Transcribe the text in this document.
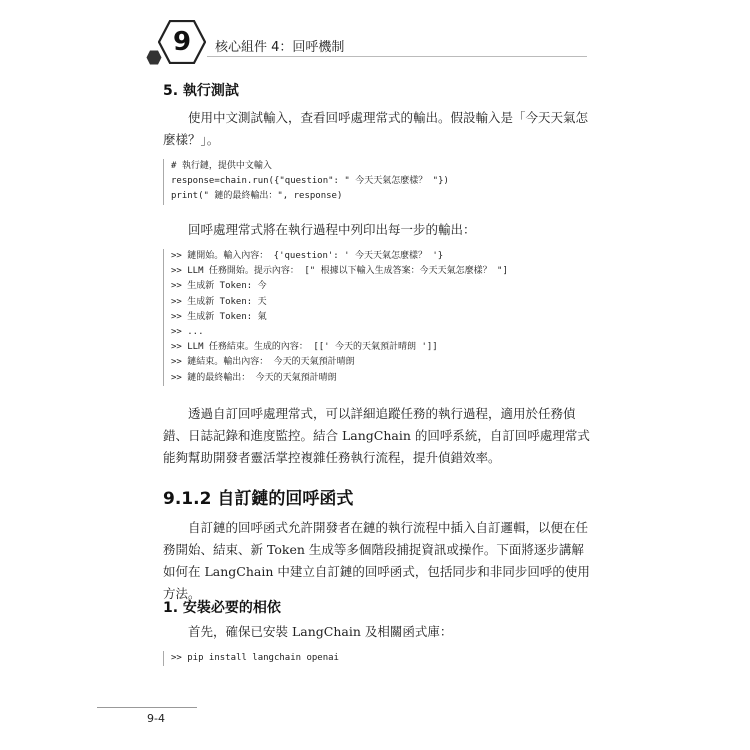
9	核心組件 4：回呼機制
5. 執行測試

使用中文測試輸入，查看回呼處理常式的輸出。假設輸入是「今天天氣怎麼樣？」。

# 執行鏈，提供中文輸入
response=chain.run({"question": " 今天天氣怎麼樣？ "})
print(" 鏈的最終輸出：", response)

回呼處理常式將在執行過程中列印出每一步的輸出：

>> 鏈開始。輸入內容： {'question': ' 今天天氣怎麼樣？ '}
>> LLM 任務開始。提示內容： [" 根據以下輸入生成答案：今天天氣怎麼樣？ "]
>> 生成新 Token: 今
>> 生成新 Token: 天
>> 生成新 Token: 氣
>> ...
>> LLM 任務結束。生成的內容： [[' 今天的天氣預計晴朗 ']]
>> 鏈結束。輸出內容： 今天的天氣預計晴朗
>> 鏈的最終輸出： 今天的天氣預計晴朗

透過自訂回呼處理常式，可以詳細追蹤任務的執行過程，適用於任務偵錯、日誌記錄和進度監控。結合 LangChain 的回呼系統，自訂回呼處理常式能夠幫助開發者靈活掌控複雜任務執行流程，提升偵錯效率。

9.1.2 自訂鏈的回呼函式

自訂鏈的回呼函式允許開發者在鏈的執行流程中插入自訂邏輯，以便在任務開始、結束、新 Token 生成等多個階段捕捉資訊或操作。下面將逐步講解如何在 LangChain 中建立自訂鏈的回呼函式，包括同步和非同步回呼的使用方法。

1. 安裝必要的相依

首先，確保已安裝 LangChain 及相關函式庫：

>> pip install langchain openai
9-4
